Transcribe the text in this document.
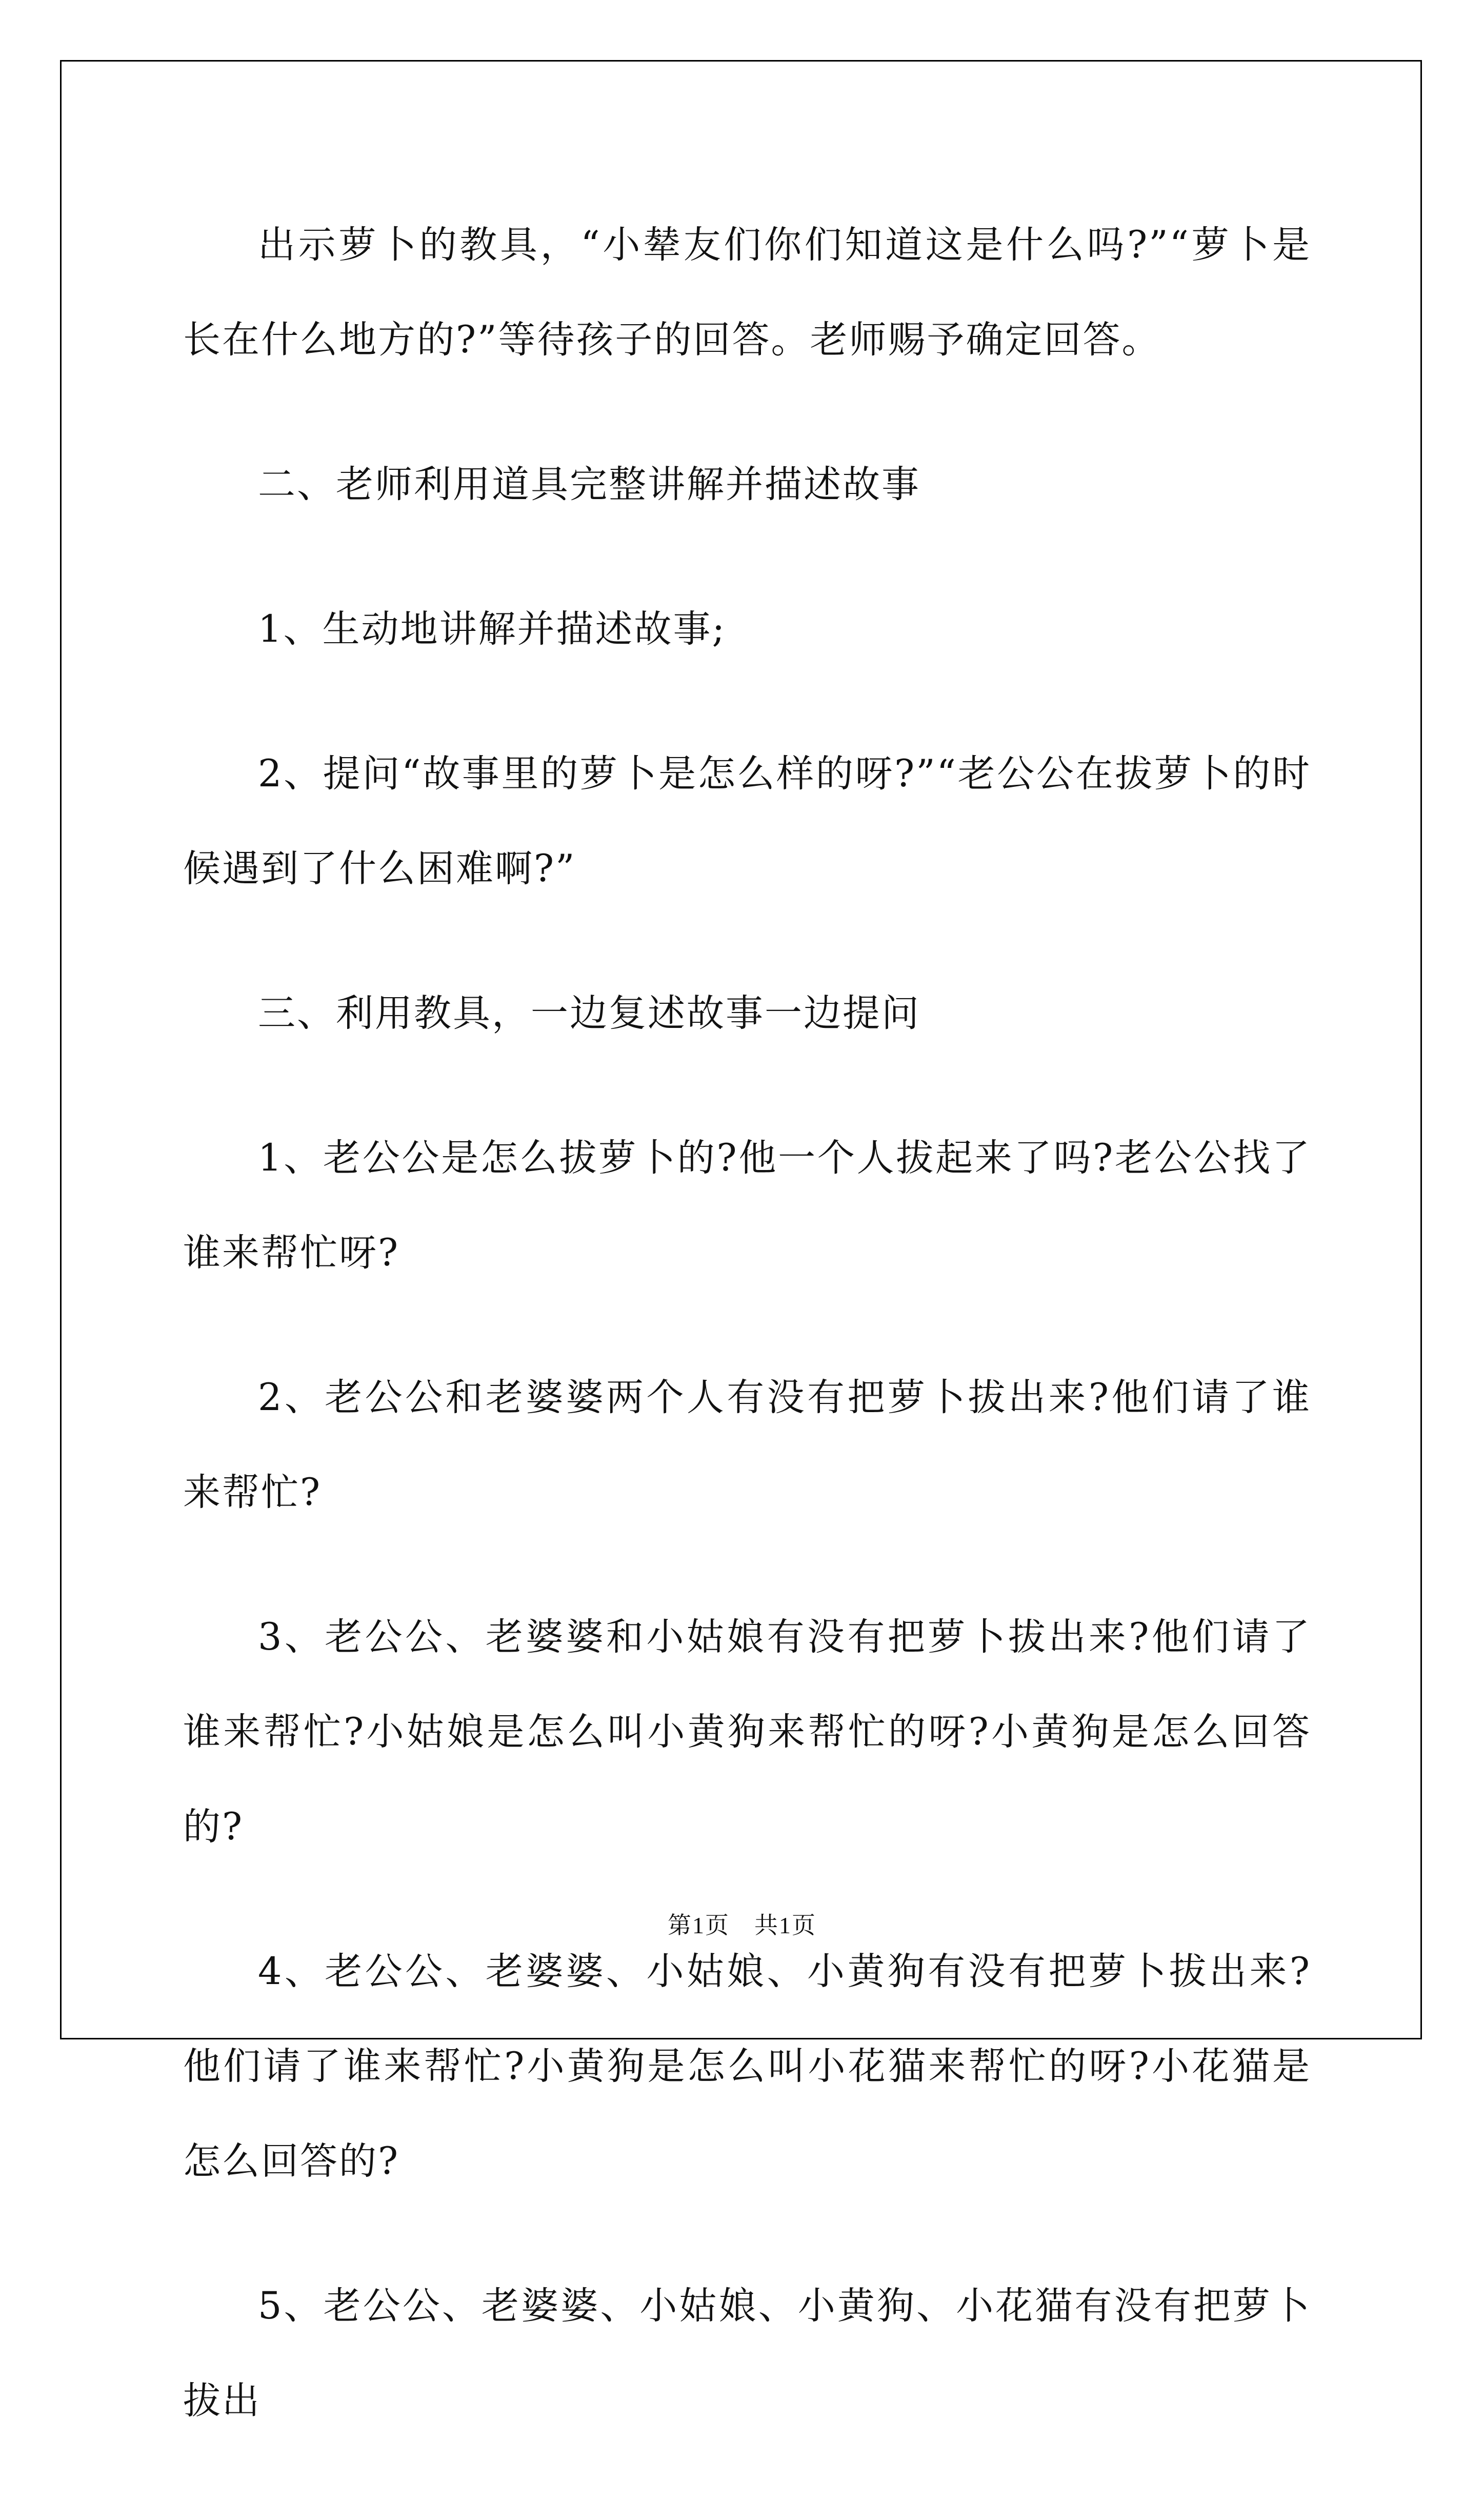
出示萝卜的教具，“小辇友们你们知道这是什么吗?”“萝卜是长在什么地方的?”等待孩子的回答。老师赐予确定回答。

二、老师利用道具完整讲解并描述故事

1、生动地讲解并描述故事;

2、提问“故事里的萝卜是怎么样的呀?”“老公公在拔萝卜的时候遇到了什么困难啊?”

三、利用教具，一边复述故事一边提问

1、老公公是怎么拔萝卜的?他一个人拔起来了吗?老公公找了谁来帮忙呀?

2、老公公和老婆婆两个人有没有把萝卜拔出来?他们请了谁来帮忙?

3、老公公、老婆婆和小姑娘有没有把萝卜拔出来?他们请了谁来帮忙?小姑娘是怎么叫小黄狗来帮忙的呀?小黄狗是怎么回答的?

4、老公公、老婆婆、小姑娘、小黄狗有没有把萝卜拔出来?他们请了谁来帮忙?小黄狗是怎么叫小花猫来帮忙的呀?小花猫是怎么回答的?

5、老公公、老婆婆、小姑娘、小黄狗、小花猫有没有把萝卜拔出

第1页　共1页
